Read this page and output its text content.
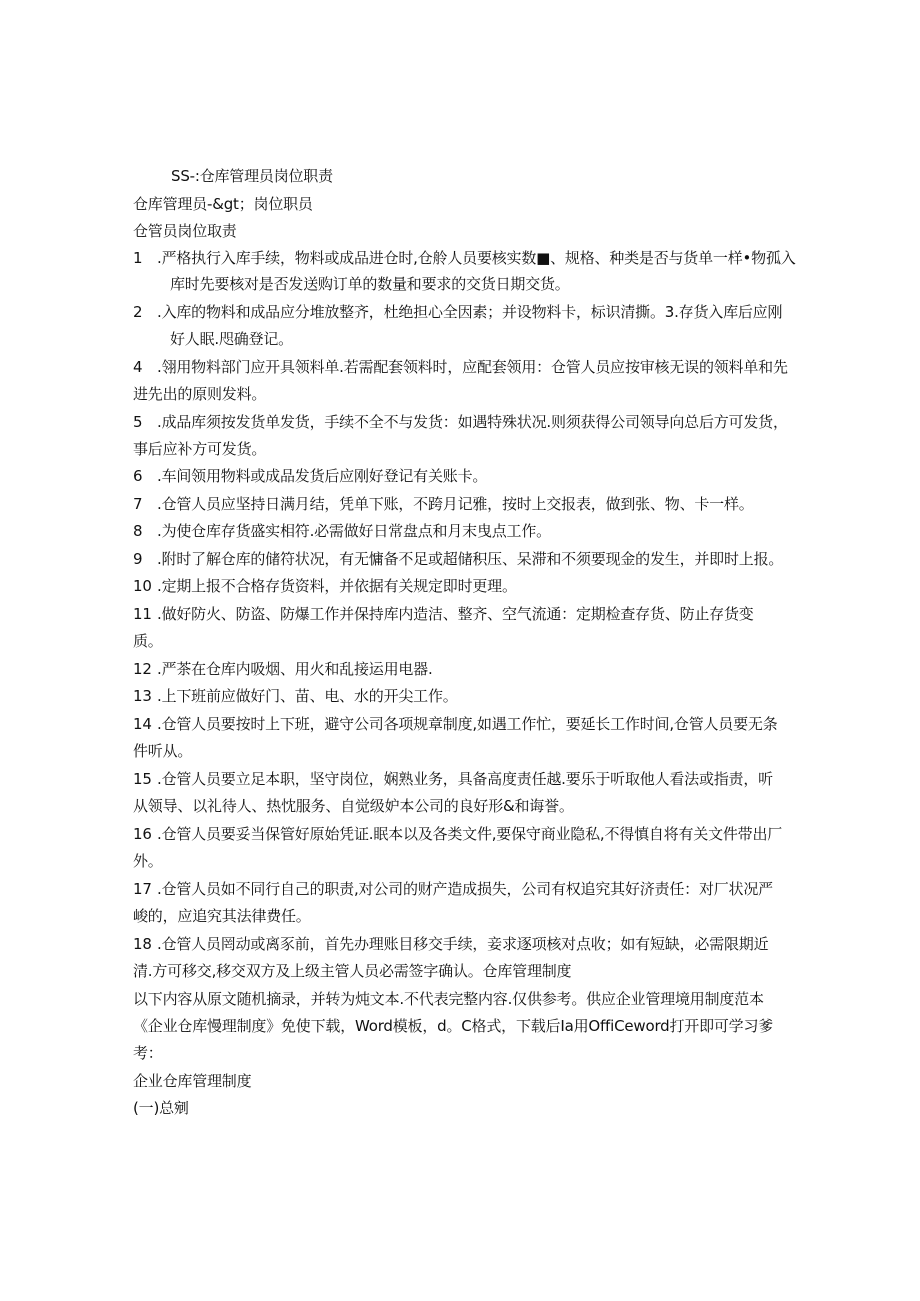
SS-:仓库管理员岗位职责
仓库管理员-&gt；岗位职员
仓管员岗位取责
1 .严格执行入库手续，物料或成品进仓时,仓舲人员要核实数■、规格、种类是否与货单一样•物孤入
库时先要核对是否发送购订单的数量和要求的交货日期交货。
2 .入库的物料和成品应分堆放整齐，杜绝担心全因素；并设物料卡，标识清撕。3.存货入库后应刚
好人眠.咫确登记。
4 .翎用物料部门应开具领料单.若需配套领料时，应配套领用：仓管人员应按审核无误的领料单和先
进先出的原则发料。
5 .成品库须按发货单发货，手续不全不与发货：如遇特殊状况.则须获得公司领导向总后方可发货，
事后应补方可发货。
6 .车间领用物料或成品发货后应刚好登记有关账卡。
7 .仓管人员应坚持日满月结，凭单下账，不跨月记雅，按时上交报表，做到张、物、卡一样。
8 .为使仓库存货盛实相符.必需做好日常盘点和月末曳点工作。
9 .附时了解仓库的储符状况，有无慵备不足或超储积压、呆滞和不须要现金的发生，并即时上报。
10 .定期上报不合格存货资料，并依据有关规定即时更理。
11 .做好防火、防盗、防爆工作并保持库内造洁、整齐、空气流通：定期检查存货、防止存货变
质。
12 .严茶在仓库内吸烟、用火和乱接运用电器.
13 .上下班前应做好门、苗、电、水的开尖工作。
14 .仓管人员要按时上下班，避守公司各项规章制度,如遇工作忙，要延长工作时间,仓管人员要无条
件听从。
15 .仓管人员要立足本职，坚守岗位，娴熟业务，具备高度责任越.要乐于听取他人看法或指责，听
从领导、以礼待人、热忱服务、自觉级妒本公司的良好形&和诲誉。
16 .仓管人员要妥当保管好原始凭证.眠本以及各类文件,要保守商业隐私,不得慎自将有关文件带出厂
外。
17 .仓管人员如不同行自己的职责,对公司的财产造成损失，公司有权追究其好济责任：对厂状况严
峻的，应追究其法律费任。
18 .仓管人员罔动或离豕前，首先办理账目移交手续，妾求逐项核对点收；如有短缺，必需限期近
清.方可移交,移交双方及上级主管人员必需签字确认。仓库管理制度
以下内容从原文随机摘录，并转为炖文本.不代表完整内容.仅供参考。供应企业管理境用制度范本
《企业仓库慢理制度》免使下载，Word模板，d。C格式，下载后Ia用OffiCeword打开即可学习爹
考：
企业仓库管理制度
(一)总剜
